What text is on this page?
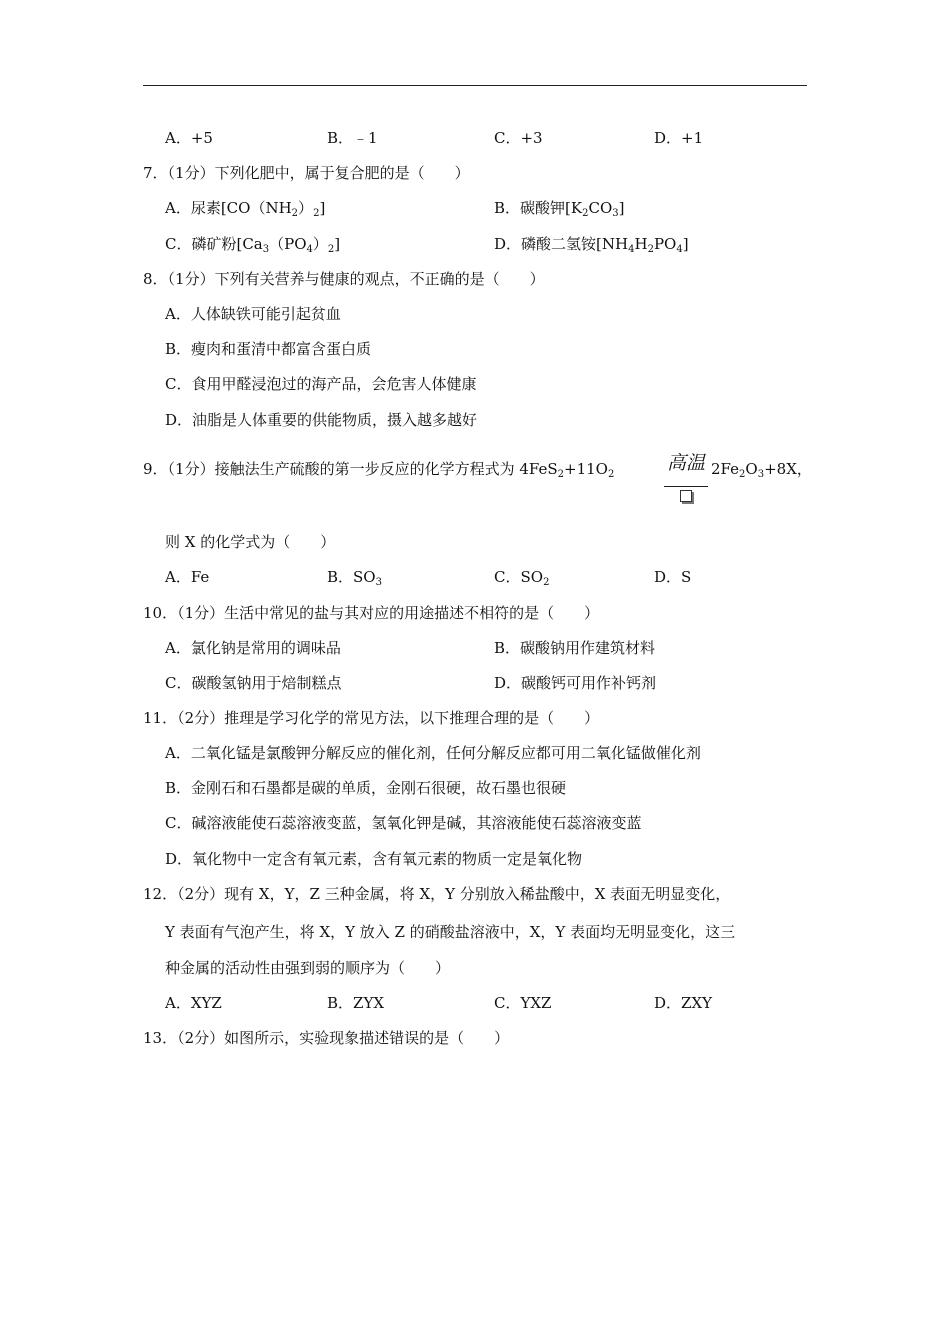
A．+5	B．﹣1	C．+3	D．+1
7．（1分）下列化肥中，属于复合肥的是（　　）
A．尿素$[CO(NH_2)_2]$	B．碳酸钾$[K_2CO_3]$
C．磷矿粉$[Ca_3(PO_4)_2]$	D．磷酸二氢铵$[NH_4H_2PO_4]$
8．（1分）下列有关营养与健康的观点，不正确的是（　　）
A．人体缺铁可能引起贫血
B．瘦肉和蛋清中都富含蛋白质
C．食用甲醛浸泡过的海产品，会危害人体健康
D．油脂是人体重要的供能物质，摄入越多越好
9．（1分）接触法生产硫酸的第一步反应的化学方程式为 $4FeS_2+11O_2$
高温 $2Fe_2O_3+8X$，
则 X 的化学式为（　　）
A．Fe	B．$SO_3$	C．$SO_2$	D．S
10．（1分）生活中常见的盐与其对应的用途描述不相符的是（　　）
A．氯化钠是常用的调味品	B．碳酸钠用作建筑材料
C．碳酸氢钠用于焙制糕点	D．碳酸钙可用作补钙剂
11．（2分）推理是学习化学的常见方法，以下推理合理的是（　　）
A．二氧化锰是氯酸钾分解反应的催化剂，任何分解反应都可用二氧化锰做催化剂
B．金刚石和石墨都是碳的单质，金刚石很硬，故石墨也很硬
C．碱溶液能使石蕊溶液变蓝，氢氧化钾是碱，其溶液能使石蕊溶液变蓝
D．氧化物中一定含有氧元素，含有氧元素的物质一定是氧化物
12．（2分）现有 X，Y，Z 三种金属，将 X，Y 分别放入稀盐酸中，X 表面无明显变化，
Y 表面有气泡产生，将 X，Y 放入 Z 的硝酸盐溶液中，X，Y 表面均无明显变化，这三
种金属的活动性由强到弱的顺序为（　　）
A．XYZ	B．ZYX	C．YXZ	D．ZXY
13．（2分）如图所示，实验现象描述错误的是（　　）
